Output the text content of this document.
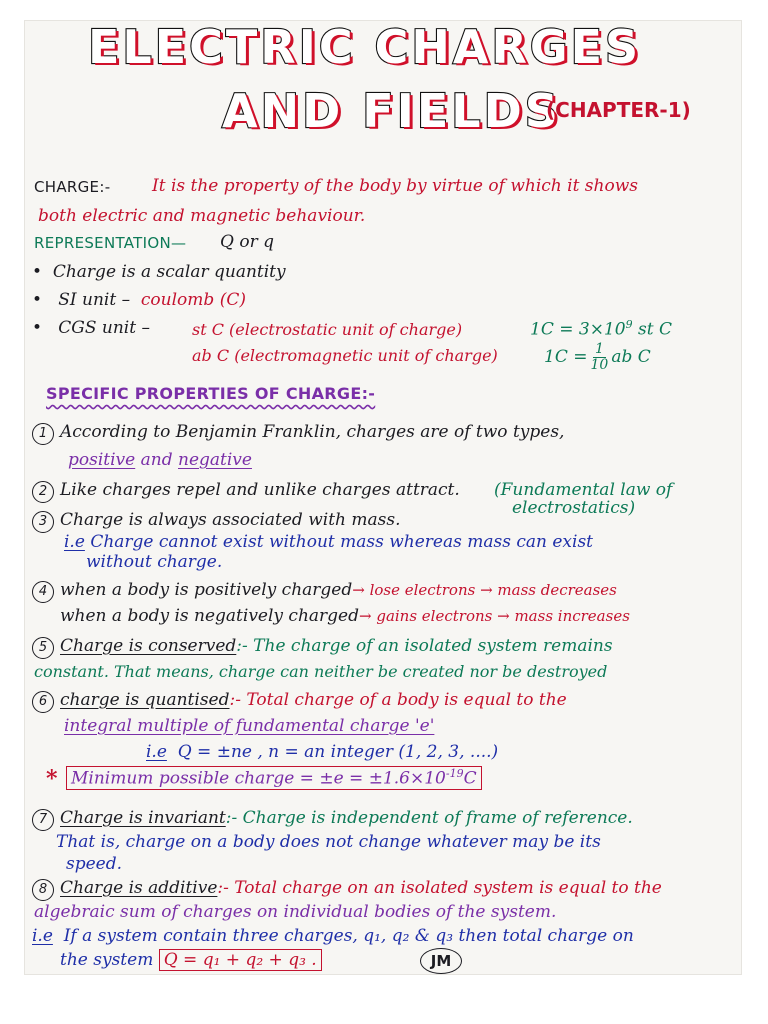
ELECTRIC CHARGES
AND FIELDS
(CHAPTER-1)
CHARGE:- It is the property of the body by virtue of which it shows
both electric and magnetic behaviour.
REPRESENTATION— Q or q
•  Charge is a scalar quantity
•   SI unit – coulomb (C)
•   CGS unit –	st C (electrostatic unit of charge)	$1C = 3\times 10^9$ st C
ab C (electromagnetic unit of charge)	$1C = \frac{1}{10}$ ab C
SPECIFIC PROPERTIES OF CHARGE:-
1 According to Benjamin Franklin, charges are of two types,
positive and negative
2 Like charges repel and unlike charges attract. (Fundamental law of
electrostatics)
3 Charge is always associated with mass.
i.e Charge cannot exist without mass whereas mass can exist
without charge.
4 when a body is positively charged→ lose electrons → mass decreases
when a body is negatively charged→ gains electrons → mass increases
5 Charge is conserved:- The charge of an isolated system remains
constant. That means, charge can neither be created nor be destroyed
6 charge is quantised:- Total charge of a body is equal to the
integral multiple of fundamental charge 'e'
i.e Q = ±ne , n = an integer (1, 2, 3, ....)
* Minimum possible charge = $\pm e = \pm 1.6\times 10^{-19}C$
7 Charge is invariant:- Charge is independent of frame of reference.
That is, charge on a body does not change whatever may be its
speed.
8 Charge is additive:- Total charge on an isolated system is equal to the
algebraic sum of charges on individual bodies of the system.
i.e If a system contain three charges, q₁, q₂ & q₃ then total charge on
the system Q = q₁ + q₂ + q₃ .	JM
